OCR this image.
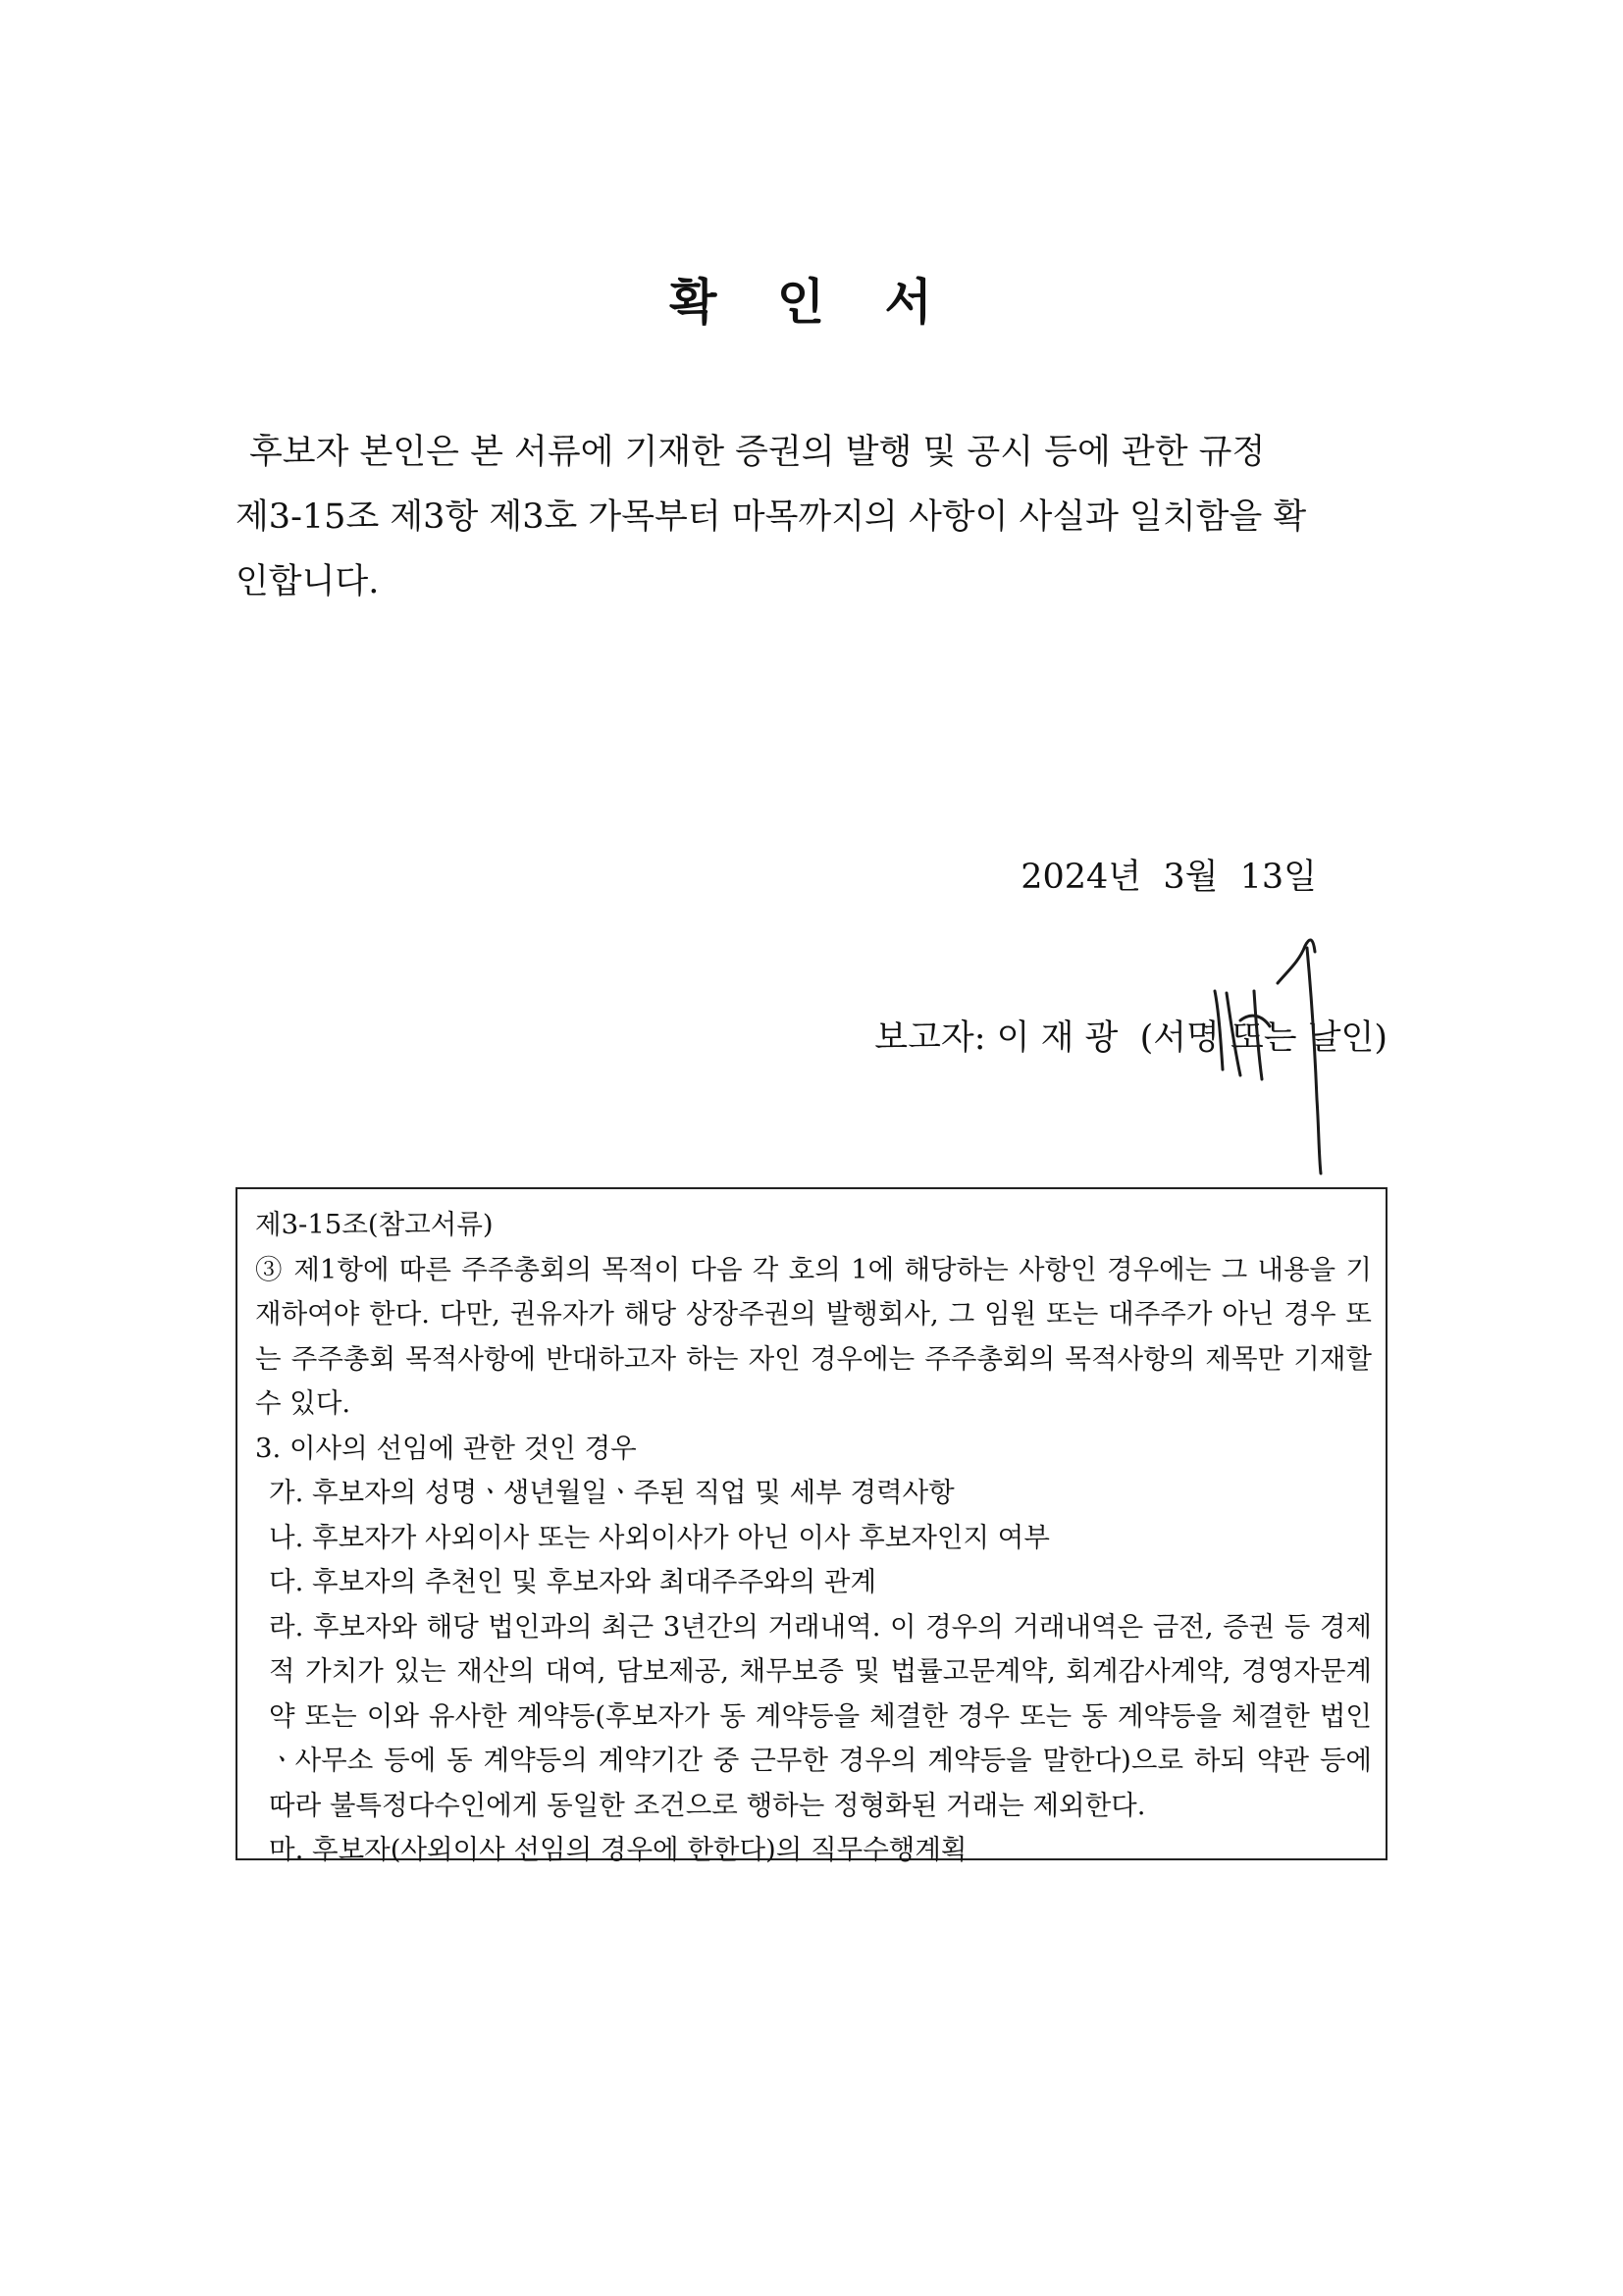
확 인 서
후보자 본인은 본 서류에 기재한 증권의 발행 및 공시 등에 관한 규정
제3-15조 제3항 제3호 가목부터 마목까지의 사항이 사실과 일치함을 확
인합니다.

2024년  3월  13일

보고자: 이 재 광  (서명 또는 날인)

제3-15조(참고서류)

③ 제1항에 따른 주주총회의 목적이 다음 각 호의 1에 해당하는 사항인 경우에는 그 내용을 기재하여야 한다. 다만, 권유자가 해당 상장주권의 발행회사, 그 임원 또는 대주주가 아닌 경우 또는 주주총회 목적사항에 반대하고자 하는 자인 경우에는 주주총회의 목적사항의 제목만 기재할 수 있다.

3. 이사의 선임에 관한 것인 경우

가. 후보자의 성명ㆍ생년월일ㆍ주된 직업 및 세부 경력사항

나. 후보자가 사외이사 또는 사외이사가 아닌 이사 후보자인지 여부

다. 후보자의 추천인 및 후보자와 최대주주와의 관계

라. 후보자와 해당 법인과의 최근 3년간의 거래내역. 이 경우의 거래내역은 금전, 증권 등 경제적 가치가 있는 재산의 대여, 담보제공, 채무보증 및 법률고문계약, 회계감사계약, 경영자문계약 또는 이와 유사한 계약등(후보자가 동 계약등을 체결한 경우 또는 동 계약등을 체결한 법인ㆍ사무소 등에 동 계약등의 계약기간 중 근무한 경우의 계약등을 말한다)으로 하되 약관 등에 따라 불특정다수인에게 동일한 조건으로 행하는 정형화된 거래는 제외한다.

마. 후보자(사외이사 선임의 경우에 한한다)의 직무수행계획
